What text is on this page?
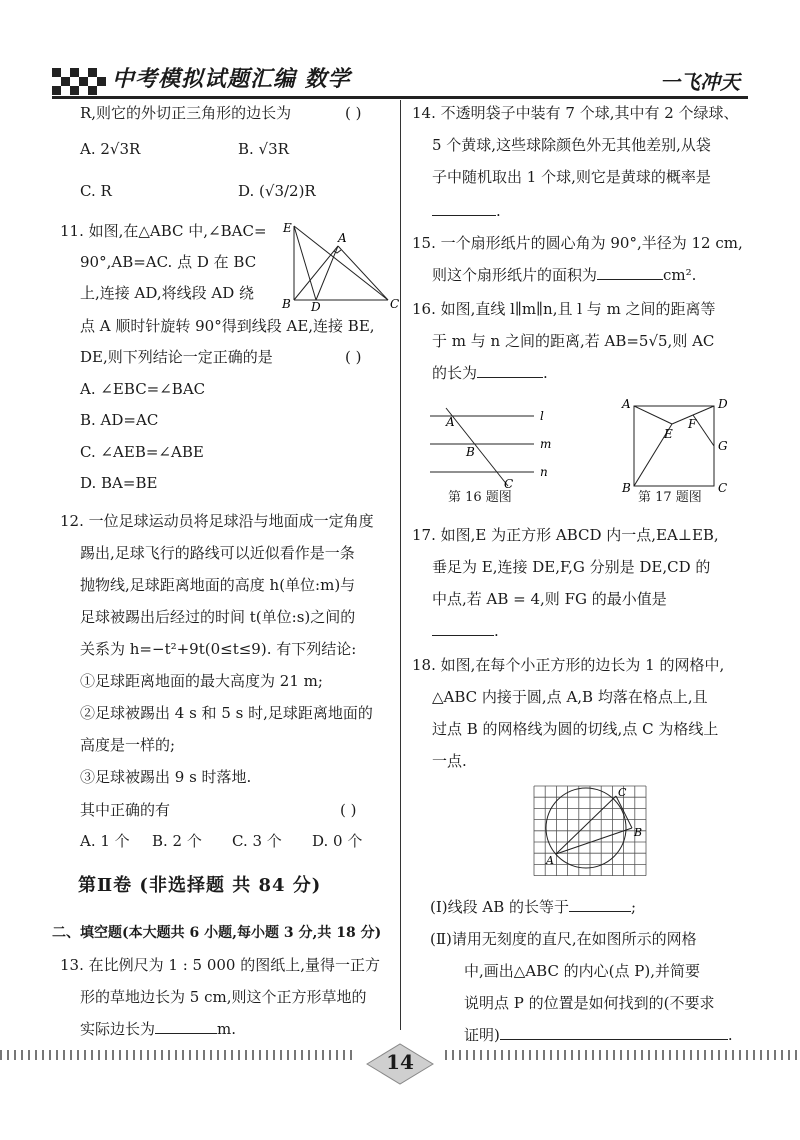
中考模拟试题汇编 数学	一飞冲天
R,则它的外切正三角形的边长为	( )
A. 2√3R	B. √3R
C. R	D. (√3/2)R
11. 如图,在△ABC 中,∠BAC=
90°,AB=AC. 点 D 在 BC
上,连接 AD,将线段 AD 绕
点 A 顺时针旋转 90°得到线段 AE,连接 BE,
DE,则下列结论一定正确的是	( )
A. ∠EBC=∠BAC
B. AD=AC
C. ∠AEB=∠ABE
D. BA=BE
E
A
B D	C
12. 一位足球运动员将足球沿与地面成一定角度
踢出,足球飞行的路线可以近似看作是一条
抛物线,足球距离地面的高度 h(单位:m)与
足球被踢出后经过的时间 t(单位:s)之间的
关系为 h=−t²+9t(0≤t≤9). 有下列结论:
①足球距离地面的最大高度为 21 m;
②足球被踢出 4 s 和 5 s 时,足球距离地面的
高度是一样的;
③足球被踢出 9 s 时落地.
其中正确的有	( )
A. 1 个 B. 2 个 C. 3 个 D. 0 个
第Ⅱ卷 (非选择题 共 84 分)
二、填空题(本大题共 6 小题,每小题 3 分,共 18 分)
13. 在比例尺为 1 : 5 000 的图纸上,量得一正方
形的草地边长为 5 cm,则这个正方形草地的
实际边长为	m.
14. 不透明袋子中装有 7 个球,其中有 2 个绿球、
5 个黄球,这些球除颜色外无其他差别,从袋
子中随机取出 1 个球,则它是黄球的概率是
.
15. 一个扇形纸片的圆心角为 90°,半径为 12 cm,
则这个扇形纸片的面积为	cm².
16. 如图,直线 l∥m∥n,且 l 与 m 之间的距离等
于 m 与 n 之间的距离,若 AB=5√5,则 AC
的长为	.
l
m
n
A
B
C
第 16 题图
A	D
E
F
G
B	C
第 17 题图
17. 如图,E 为正方形 ABCD 内一点,EA⊥EB,
垂足为 E,连接 DE,F,G 分别是 DE,CD 的
中点,若 AB = 4,则 FG 的最小值是
.
18. 如图,在每个小正方形的边长为 1 的网格中,
△ABC 内接于圆,点 A,B 均落在格点上,且
过点 B 的网格线为圆的切线,点 C 为格线上
一点.
C
B
A
(Ⅰ)线段 AB 的长等于	;
(Ⅱ)请用无刻度的直尺,在如图所示的网格
中,画出△ABC 的内心(点 P),并简要
说明点 P 的位置是如何找到的(不要求
证明)	.
14
